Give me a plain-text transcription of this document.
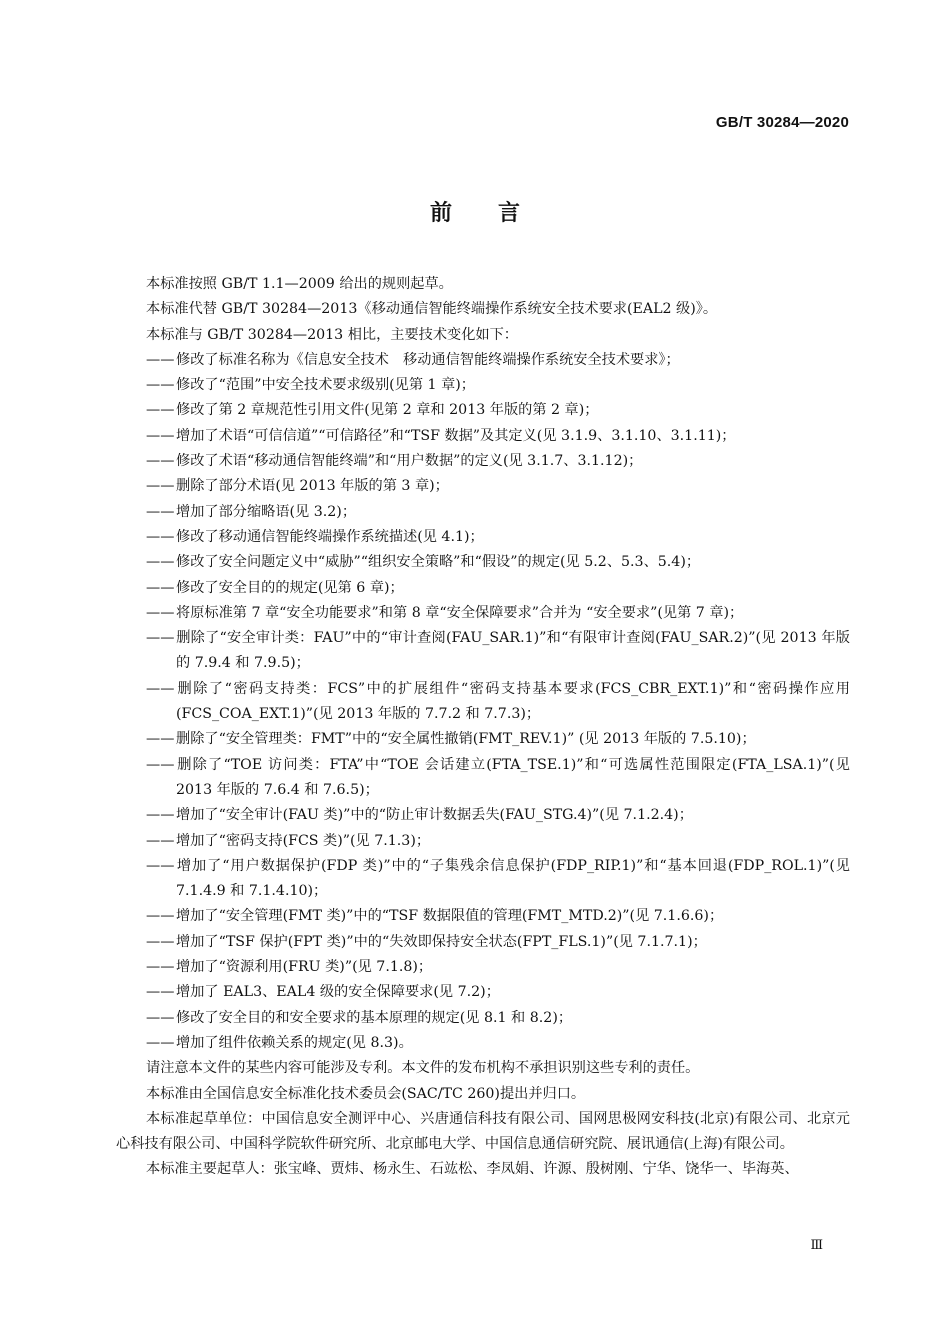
GB/T 30284—2020
前 言

本标准按照 GB/T 1.1—2009 给出的规则起草。

本标准代替 GB/T 30284—2013《移动通信智能终端操作系统安全技术要求(EAL2 级)》。

本标准与 GB/T 30284—2013 相比，主要技术变化如下：

—— 修改了标准名称为《信息安全技术　移动通信智能终端操作系统安全技术要求》；

—— 修改了“范围”中安全技术要求级别(见第 1 章)；

—— 修改了第 2 章规范性引用文件(见第 2 章和 2013 年版的第 2 章)；

—— 增加了术语“可信信道”“可信路径”和“TSF 数据”及其定义(见 3.1.9、3.1.10、3.1.11)；

—— 修改了术语“移动通信智能终端”和“用户数据”的定义(见 3.1.7、3.1.12)；

—— 删除了部分术语(见 2013 年版的第 3 章)；

—— 增加了部分缩略语(见 3.2)；

—— 修改了移动通信智能终端操作系统描述(见 4.1)；

—— 修改了安全问题定义中“威胁”“组织安全策略”和“假设”的规定(见 5.2、5.3、5.4)；

—— 修改了安全目的的规定(见第 6 章)；

—— 将原标准第 7 章“安全功能要求”和第 8 章“安全保障要求”合并为 “安全要求”(见第 7 章)；

—— 删除了“安全审计类：FAU”中的“审计查阅(FAU_SAR.1)”和“有限审计查阅(FAU_SAR.2)”(见 2013 年版的 7.9.4 和 7.9.5)；

—— 删除了“密码支持类：FCS”中的扩展组件“密码支持基本要求(FCS_CBR_EXT.1)”和“密码操作应用(FCS_COA_EXT.1)”(见 2013 年版的 7.7.2 和 7.7.3)；

—— 删除了“安全管理类：FMT”中的“安全属性撤销(FMT_REV.1)” (见 2013 年版的 7.5.10)；

—— 删除了“TOE 访问类：FTA”中“TOE 会话建立(FTA_TSE.1)”和“可选属性范围限定(FTA_LSA.1)”(见 2013 年版的 7.6.4 和 7.6.5)；

—— 增加了“安全审计(FAU 类)”中的“防止审计数据丢失(FAU_STG.4)”(见 7.1.2.4)；

—— 增加了“密码支持(FCS 类)”(见 7.1.3)；

—— 增加了“用户数据保护(FDP 类)”中的“子集残余信息保护(FDP_RIP.1)”和“基本回退(FDP_ROL.1)”(见 7.1.4.9 和 7.1.4.10)；

—— 增加了“安全管理(FMT 类)”中的“TSF 数据限值的管理(FMT_MTD.2)”(见 7.1.6.6)；

—— 增加了“TSF 保护(FPT 类)”中的“失效即保持安全状态(FPT_FLS.1)”(见 7.1.7.1)；

—— 增加了“资源利用(FRU 类)”(见 7.1.8)；

—— 增加了 EAL3、EAL4 级的安全保障要求(见 7.2)；

—— 修改了安全目的和安全要求的基本原理的规定(见 8.1 和 8.2)；

—— 增加了组件依赖关系的规定(见 8.3)。

请注意本文件的某些内容可能涉及专利。本文件的发布机构不承担识别这些专利的责任。

本标准由全国信息安全标准化技术委员会(SAC/TC 260)提出并归口。

本标准起草单位：中国信息安全测评中心、兴唐通信科技有限公司、国网思极网安科技(北京)有限公司、北京元心科技有限公司、中国科学院软件研究所、北京邮电大学、中国信息通信研究院、展讯通信(上海)有限公司。

本标准主要起草人：张宝峰、贾炜、杨永生、石竑松、李凤娟、许源、殷树刚、宁华、饶华一、毕海英、

Ⅲ
